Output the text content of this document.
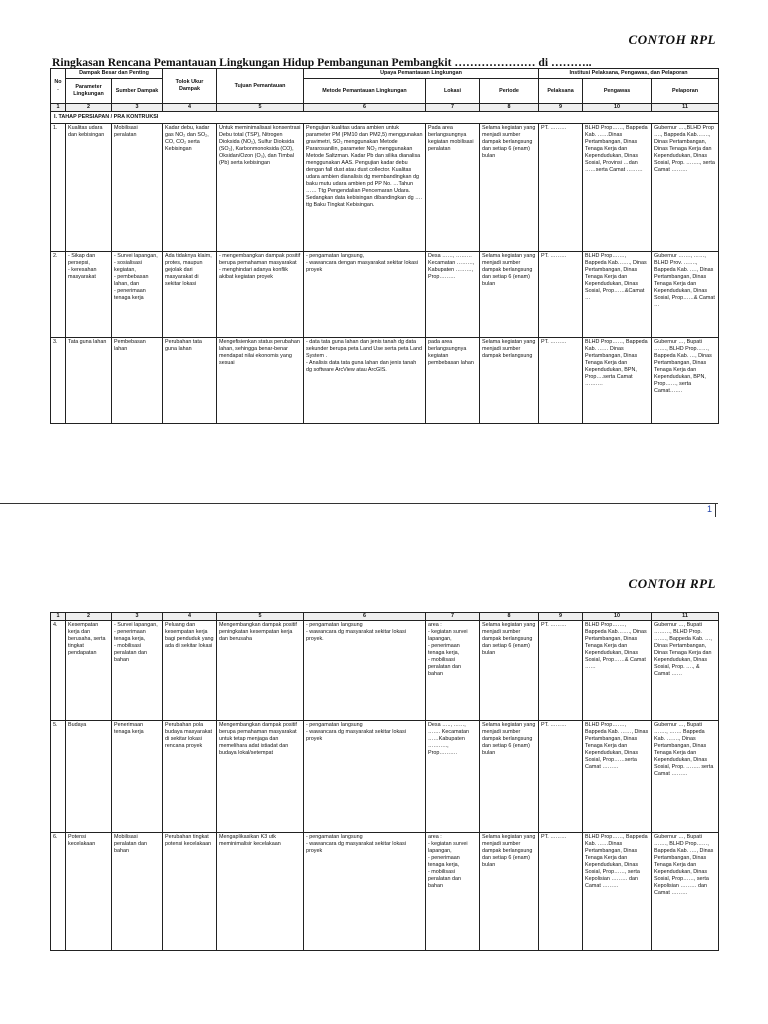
CONTOH RPL
Ringkasan Rencana Pemantauan Lingkungan Hidup Pembangunan Pembangkit ………………… di ………..
No .	Dampak Besar dan Penting		Tolok Ukur Dampak	Tujuan Pemantauan	Upaya Pemantauan Lingkungan			Institusi Pelaksana, Pengawas, dan Pelaporan		
	Parameter Lingkungan	Sumber Dampak			Metode Pemantauan Lingkungan	Lokasi	Periode	Pelaksana	Pengawas	Pelaporan
1	2	3	4	5	6	7	8	9	10	11
I. TAHAP PERSIAPAN / PRA KONTRUKSI										
1.	Kualitas udara dan kebisingan	Mobilisasi peralatan	Kadar debu, kadar gas NO₂ dan SO₂, CO, CO₂ serta Kebisingan	Untuk meminimalisasi konsentrasi Debu total (TSP), Nitrogen Dioksida (NO₂), Sulfur Dioksida (SO₂), Karbonmonoksida (CO), Oksidan/Ozon (O₃), dan Timbal (Pb) serta kebisingan	Pengujian kualitas udara ambien untuk parameter PM (PM10 dan PM2,5) menggunakan gravimetri, SO₂ menggunakan Metode Pararosanilin, parameter NO₂ menggunakan Metode Saltzman. Kadar Pb dan silika dianalisa menggunakan AAS. Pengujian kadar debu dengan fall dust atau dust collector. Kualitas udara ambien dianalisis dg membandingkan dg baku mutu udara ambien pd PP No. …Tahun …… Ttg Pengendalian Pencemaran Udara. Sedangkan data kebisingan dibandingkan dg …. ttg Baku Tingkat Kebisingan.	Pada area berlangsungnya kegiatan mobilisasi peralatan	Selama kegiatan yang menjadi sumber dampak berlangsung dan setiap 6 (enam) bulan	PT. ………	BLHD Prop……, Bappeda Kab. ……Dinas Pertambangan, Dinas Tenaga Kerja dan Kependudukan, Dinas Sosial, Provinsi …dan ……serta Camat ………	Gubernur ….,BLHD Prop …., Bappeda Kab……., Dinas Pertambangan, Dinas Tenaga Kerja dan Kependudukan, Dinas Sosial, Prop. …….., serta Camat ………
2.	- Sikap dan persepsi,
- keresahan masyarakat	- Survei lapangan,
- sosialisasi kegiatan,
- pembebasan lahan, dan
- penerimaan tenaga kerja	Ada tidaknya klaim, protes, maupun gejolak dari masyarakat di sekitar lokasi	- mengembangkan dampak positif berupa pemahaman masyarakat
- menghindari adanya konflik akibat kegiatan proyek	- pengamatan langsung,
- wawancara dengan masyarakat sekitar lokasi proyek	Desa ……, ……… Kecamatan ………, Kabupaten ………, Prop………	Selama kegiatan yang menjadi sumber dampak berlangsung dan setiap 6 (enam) bulan	PT. ………	BLHD Prop……., Bappeda Kab……., Dinas Pertambangan, Dinas Tenaga Kerja dan Kependudukan, Dinas Sosial, Prop……&Camat …	Gubernur ……., ……, BLHD Prov. ……., Bappeda Kab. …., Dinas Pertambangan, Dinas Tenaga Kerja dan Kependudukan, Dinas Sosial, Prop……& Camat …
3.	Tata guna lahan	Pembebasan lahan	Perubahan tata guna lahan	Mengefisienkan status perubahan lahan, sehingga benar-benar mendapat nilai ekonomis yang sesuai	- data tata guna lahan dan jenis tanah dg data sekunder berupa peta Land Use serta peta Land System .
- Analisis data tata guna lahan dan jenis tanah dg software ArcView atau ArcGIS.	pada area berlangsungnya kegiatan pembebasan lahan	Selama kegiatan yang menjadi sumber dampak berlangsung	PT. ………	BLHD Prop……, Bappeda Kab. …… Dinas Pertambangan, Dinas Tenaga Kerja dan Kependudukan, BPN, Prop….serta Camat ……….	Gubernur …, Bupati ……., BLHD Prop……, Bappeda Kab. …, Dinas Pertambangan, Dinas Tenaga Kerja dan Kependudukan, BPN, Prop……, serta Camat…….
1
CONTOH RPL
1	2	3	4	5	6	7	8	9	10	11
4.	Kesempatan kerja dan berusaha, serta tingkat pendapatan	- Survei lapangan,
- penerimaan tenaga kerja,
- mobilisasi peralatan dan bahan	Peluang dan kesempatan kerja bagi penduduk yang ada di sekitar lokasi	Mengembangkan dampak positif peningkatan kesempatan kerja dan berusaha	- pengamatan langsung
- wawancara dg masyarakat sekitar lokasi proyek.	area :
- kegiatan survei lapangan,
- penerimaan tenaga kerja,
- mobilisasi peralatan dan bahan	Selama kegiatan yang menjadi sumber dampak berlangsung dan setiap 6 (enam) bulan	PT. ………	BLHD Prop……., Bappeda Kab……., Dinas Pertambangan, Dinas Tenaga Kerja dan Kependudukan, Dinas Sosial, Prop……& Camat ……	Gubernur …, Bupati ………, BLHD Prop. ……., Bappeda Kab. …, Dinas Pertambangan, Dinas Tenaga Kerja dan Kependudukan, Dinas Sosial, Prop. …., & Camat ……
5.	Budaya	Penerimaan tenaga kerja	Perubahan pola budaya masyarakat di sekitar lokasi rencana proyek	Mengembangkan dampak positif berupa pemahaman masyarakat untuk tetap menjaga dan memelihara adat istiadat dan budaya lokal/setempat	- pengamatan langsung
- wawancara dg masyarakat sekitar lokasi proyek	Desa ….., ……, ……. Kecamatan ……Kabupaten ……….., Prop……….	Selama kegiatan yang menjadi sumber dampak berlangsung dan setiap 6 (enam) bulan	PT. ………	BLHD Prop……., Bappeda Kab. ……, Dinas Pertambangan, Dinas Tenaga Kerja dan Kependudukan, Dinas Sosial, Prop……serta Camat ………	Gubernur …, Bupati ……., ……. Bappeda Kab. ……., Dinas Pertambangan, Dinas Tenaga Kerja dan Kependudukan, Dinas Sosial, Prop. …….. serta Camat ………
6.	Potensi kecelakaan	Mobilisasi peralatan dan bahan	Perubahan tingkat potensi kecelakaan	Mengaplikasikan K3 utk meminimalisir kecelakaan	- pengamatan langsung
- wawancara dg masyarakat sekitar lokasi proyek	area :
- kegiatan survei lapangan,
- penerimaan tenaga kerja,
- mobilisasi peralatan dan bahan	Selama kegiatan yang menjadi sumber dampak berlangsung dan setiap 6 (enam) bulan	PT. ………	BLHD Prop……, Bappeda Kab. ……Dinas Pertambangan, Dinas Tenaga Kerja dan Kependudukan, Dinas Sosial, Prop……, serta Kepolisian ……… dan Camat ………	Gubernur …, Bupati ……., BLHD Prop……, Bappeda Kab. …., Dinas Pertambangan, Dinas Tenaga Kerja dan Kependudukan, Dinas Sosial, Prop……, serta Kepolisian ……… dan Camat ………
